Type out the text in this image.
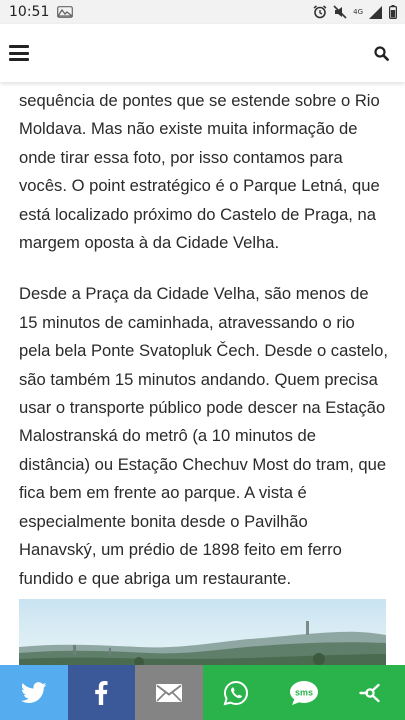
10:51	4G

sequência de pontes que se estende sobre o Rio Moldava. Mas não existe muita informação de onde tirar essa foto, por isso contamos para vocês. O point estratégico é o Parque Letná, que está localizado próximo do Castelo de Praga, na margem oposta à da Cidade Velha.

Desde a Praça da Cidade Velha, são menos de 15 minutos de caminhada, atravessando o rio pela bela Ponte Svatopluk Čech. Desde o castelo, são também 15 minutos andando. Quem precisa usar o transporte público pode descer na Estação Malostranská do metrô (a 10 minutos de distância) ou Estação Chechuv Most do tram, que fica bem em frente ao parque. A vista é especialmente bonita desde o Pavilhão Hanavský, um prédio de 1898 feito em ferro fundido e que abriga um restaurante.

sms
